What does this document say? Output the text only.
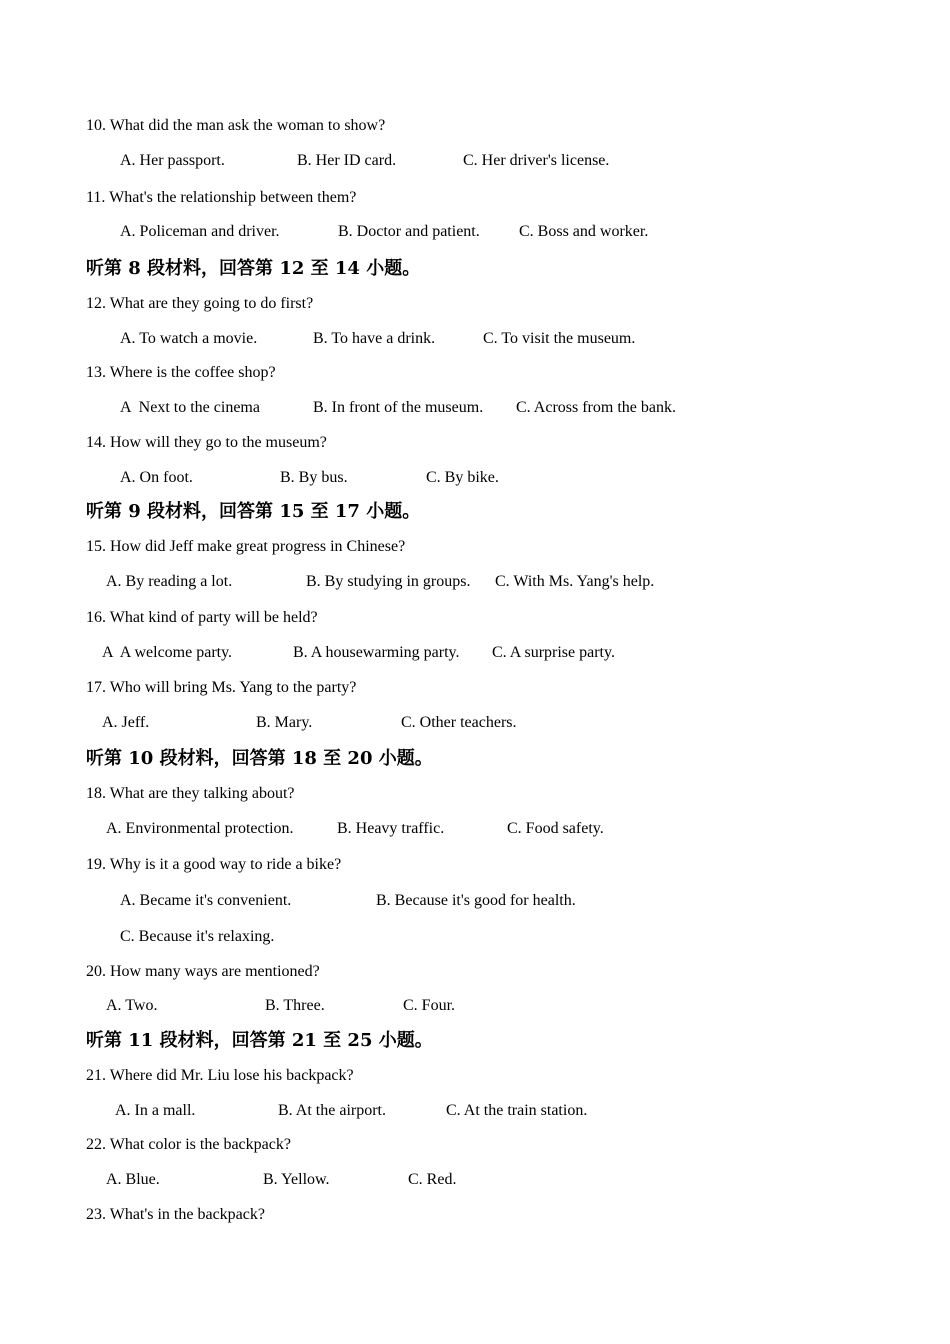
10. What did the man ask the woman to show?
A. Her passport.	B. Her ID card.	C. Her driver's license.
11. What's the relationship between them?
A. Policeman and driver.	B. Doctor and patient. C. Boss and worker.
听第 8 段材料，回答第 12 至 14 小题。
12. What are they going to do first?
A. To watch a movie.	B. To have a drink.	C. To visit the museum.
13. Where is the coffee shop?
A  Next to the cinema	B. In front of the museum. C. Across from the bank.
14. How will they go to the museum?
A. On foot.	B. By bus.	C. By bike.
听第 9 段材料，回答第 15 至 17 小题。
15. How did Jeff make great progress in Chinese?
A. By reading a lot.	B. By studying in groups. C. With Ms. Yang's help.
16. What kind of party will be held?
A  A welcome party.	B. A housewarming party. C. A surprise party.
17. Who will bring Ms. Yang to the party?
A. Jeff.	B. Mary.	C. Other teachers.
听第 10 段材料，回答第 18 至 20 小题。
18. What are they talking about?
A. Environmental protection.	B. Heavy traffic.	C. Food safety.
19. Why is it a good way to ride a bike?
A. Became it's convenient.	B. Because it's good for health.
C. Because it's relaxing.
20. How many ways are mentioned?
A. Two.	B. Three.	C. Four.
听第 11 段材料，回答第 21 至 25 小题。
21. Where did Mr. Liu lose his backpack?
A. In a mall.	B. At the airport.	C. At the train station.
22. What color is the backpack?
A. Blue.	B. Yellow.	C. Red.
23. What's in the backpack?
